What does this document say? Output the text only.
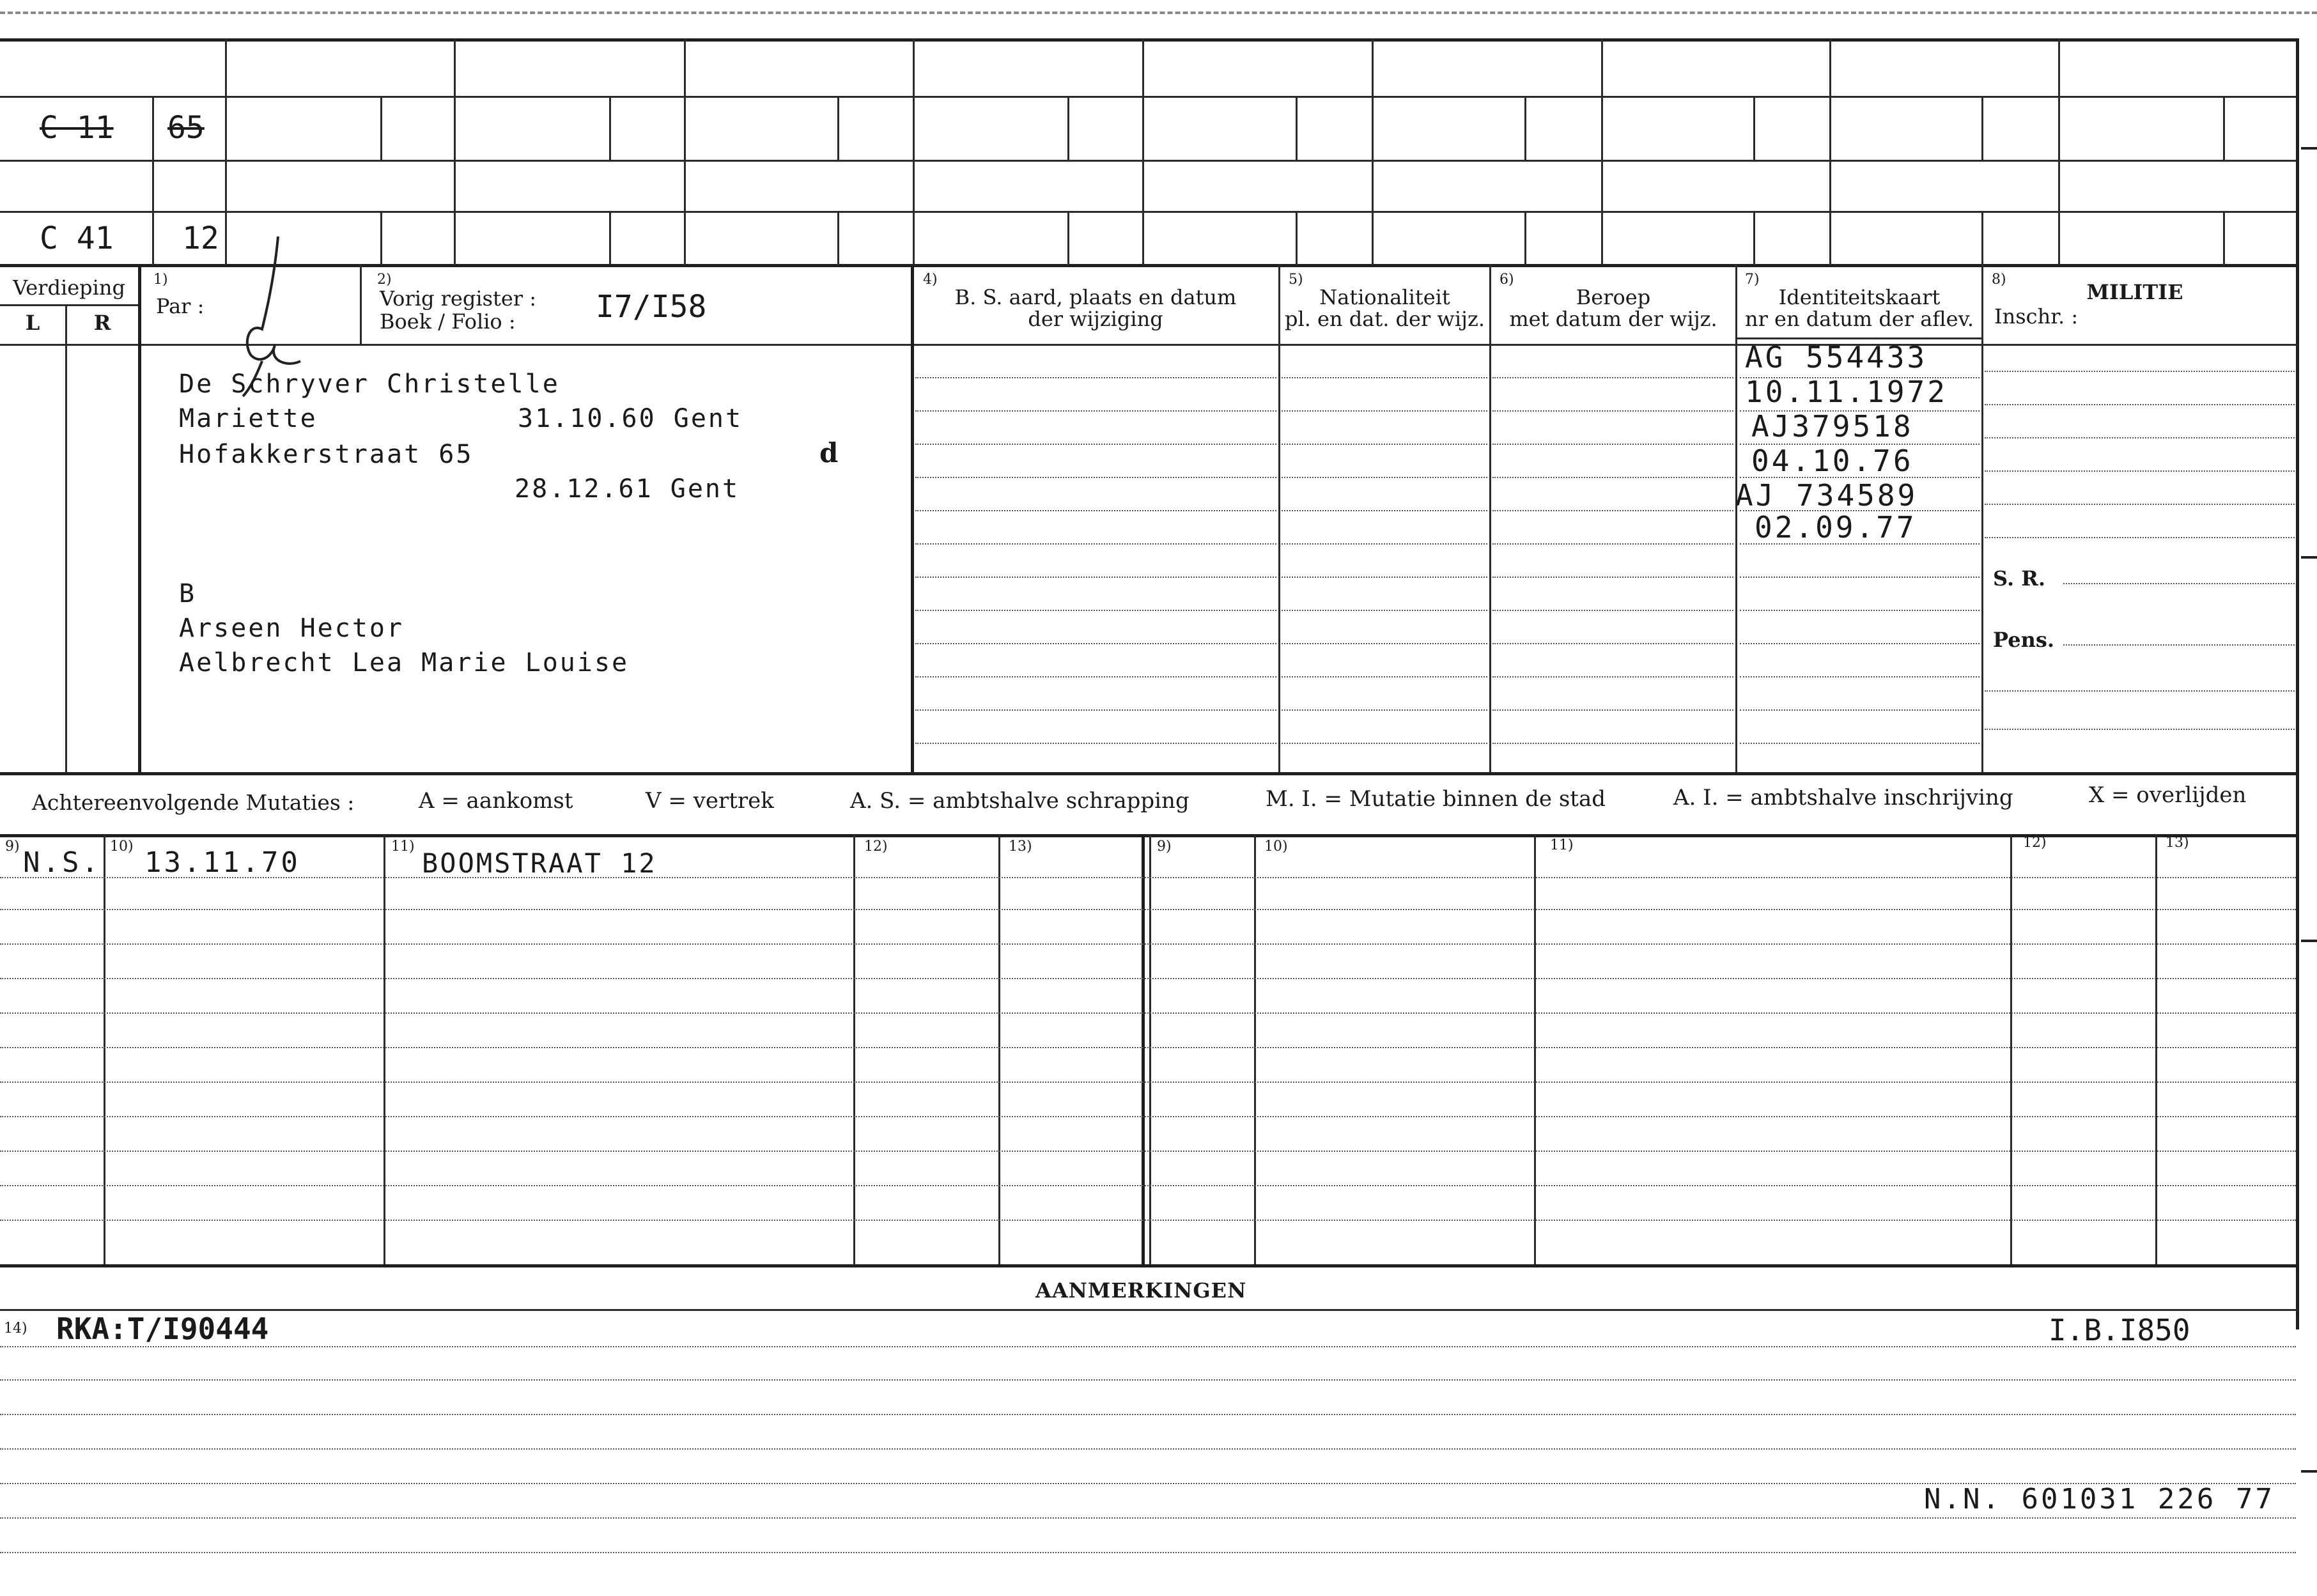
C 11 65
C 41 12
Verdieping
L	R
1)
Par :
2)
Vorig register :
Boek / Folio :	I7/I58
4)
B. S. aard, plaats en datum
der wijziging
5)
Nationaliteit
pl. en dat. der wijz.
6)
Beroep
met datum der wijz.
7)
Identiteitskaart
nr en datum der aflev.
8)
MILITIE
Inschr. :
S. R.
Pens.
De Schryver Christelle
Mariette	31.10.60 Gent
Hofakkerstraat 65	d
28.12.61 Gent
B
Arseen Hector
Aelbrecht Lea Marie Louise
AG 554433
10.11.1972
AJ379518
04.10.76
AJ 734589
02.09.77
Achtereenvolgende Mutaties :	A = aankomst	V = vertrek	A. S. = ambtshalve schrapping	M. I. = Mutatie binnen de stad	A. I. = ambtshalve inschrijving	X = overlijden
9)	10)	11)	12)	13)	9)	10)	11)	12)	13)
N.S. 13.11.70	BOOMSTRAAT 12
AANMERKINGEN
14) RKA:T/I90444	I.B.I850
N.N. 601031 226 77
